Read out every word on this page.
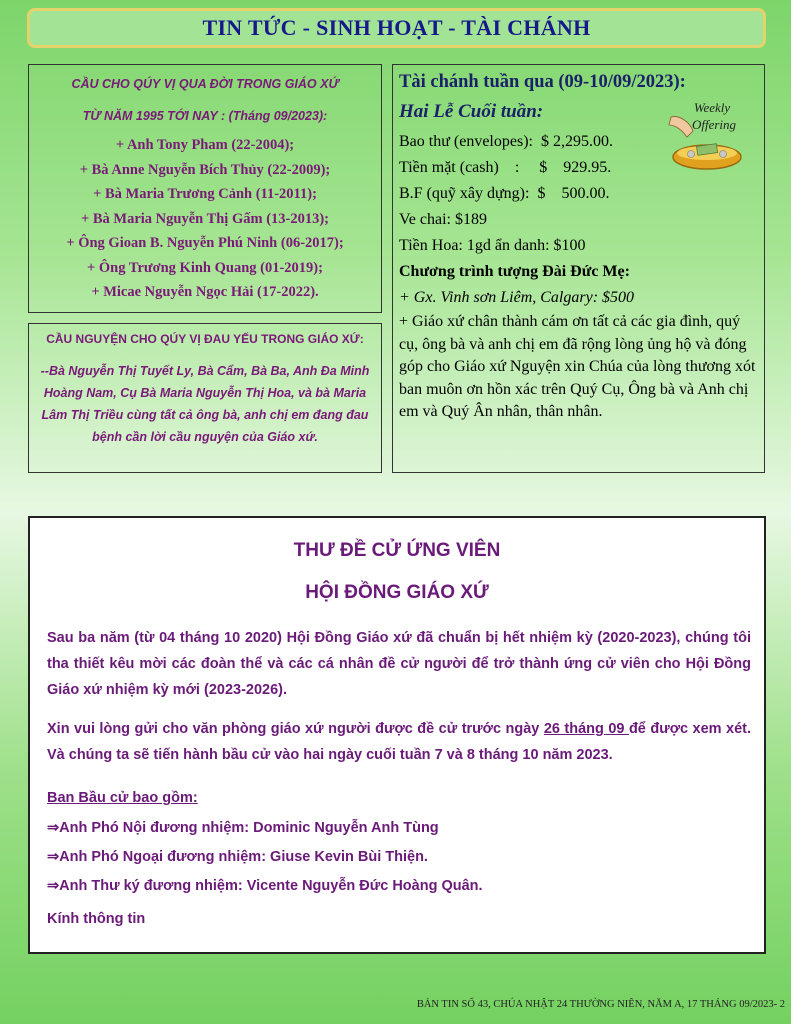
TIN TỨC - SINH HOẠT - TÀI CHÁNH
CẦU CHO QÚY VỊ QUA ĐỜI TRONG GIÁO XỨ
TỪ NĂM 1995 TỚI NAY : (Tháng 09/2023):
+ Anh Tony Pham (22-2004);
+ Bà Anne Nguyễn Bích Thủy (22-2009);
+ Bà Maria Trương Cảnh (11-2011);
+ Bà Maria Nguyễn Thị Gấm (13-2013);
+ Ông Gioan B. Nguyễn Phú Ninh (06-2017);
+ Ông Trương Kinh Quang (01-2019);
+ Micae Nguyễn Ngọc Hải (17-2022).
CẦU NGUYỆN CHO QÚY VỊ ĐAU YẾU TRONG GIÁO XỨ:
--Bà Nguyễn Thị Tuyết Ly, Bà Cẩm, Bà Ba, Anh Đa Minh Hoàng Nam, Cụ Bà Maria Nguyễn Thị Hoa, và bà Maria Lâm Thị Triều cùng tất cả ông bà, anh chị em đang đau bệnh cần lời cầu nguyện của Giáo xứ.
Tài chánh tuần qua (09-10/09/2023):
Hai Lễ Cuối tuần:
Bao thư (envelopes): $ 2,295.00.
Tiền mặt (cash)    : $    929.95.
B.F (quỹ xây dựng): $    500.00.
Ve chai: $189
Tiền Hoa: 1gd ẩn danh: $100
Chương trình tượng Đài Đức Mẹ:
+ Gx. Vinh sơn Liêm, Calgary: $500
+ Giáo xứ chân thành cám ơn tất cả các gia đình, quý cụ, ông bà và anh chị em đã rộng lòng ủng hộ và đóng góp cho Giáo xứ Nguyện xin Chúa của lòng thương xót ban muôn ơn hồn xác trên Quý Cụ, Ông bà và Anh chị em và Quý Ân nhân, thân nhân.
Weekly
Offering
THƯ ĐỀ CỬ ỨNG VIÊN
HỘI ĐỒNG GIÁO XỨ
Sau ba năm (từ 04 tháng 10 2020) Hội Đồng Giáo xứ đã chuẩn bị hết nhiệm kỳ (2020-2023), chúng tôi tha thiết kêu mời các đoàn thể và các cá nhân đề cử người để trở thành ứng cử viên cho Hội Đồng Giáo xứ nhiệm kỳ mới (2023-2026).
Xin vui lòng gửi cho văn phòng giáo xứ người được đề cử trước ngày 26 tháng 09 để được xem xét. Và chúng ta sẽ tiến hành bầu cử vào hai ngày cuối tuần 7 và 8 tháng 10 năm 2023.
Ban Bầu cử bao gồm:
⇒Anh Phó Nội đương nhiệm: Dominic Nguyễn Anh Tùng
⇒Anh Phó Ngoại đương nhiệm: Giuse Kevin Bùi Thiện.
⇒Anh Thư ký đương nhiệm: Vicente Nguyễn Đức Hoàng Quân.
Kính thông tin
BẢN TIN SỐ 43, CHÚA NHẬT 24 THƯỜNG NIÊN, NĂM A, 17 THÁNG 09/2023- 2
